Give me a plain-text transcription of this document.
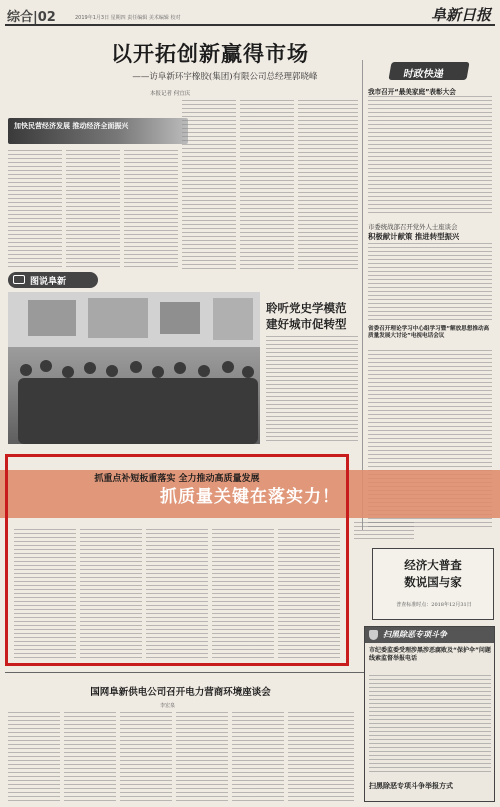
综合|02	2019年1月3日 星期四 责任编辑 美术编辑 校对	阜新日报
以开拓创新赢得市场
——访阜新环宇橡胶(集团)有限公司总经理郭晓峰
本报记者 何宜庆
加快民营经济发展 推动经济全面振兴
时政快递
我市召开“最美家庭”表彰大会
市委统战部召开党外人士座谈会
积极献计献策 推进转型振兴
省委召开理论学习中心组学习暨“解放思想推动高质量发展大讨论”电视电话会议
图说阜新
聆听党史学模范
建好城市促转型
抓质量关键在落实力！
抓重点补短板重落实 全力推动高质量发展
经济大普查
数说国与家
普查标准时点：2018年12月31日
国网阜新供电公司召开电力营商环境座谈会
李宏泉
扫黑除恶专项斗争
市纪委监委受理涉黑涉恶腐败及“保护伞”问题线索监督举报电话
扫黑除恶专项斗争举报方式
